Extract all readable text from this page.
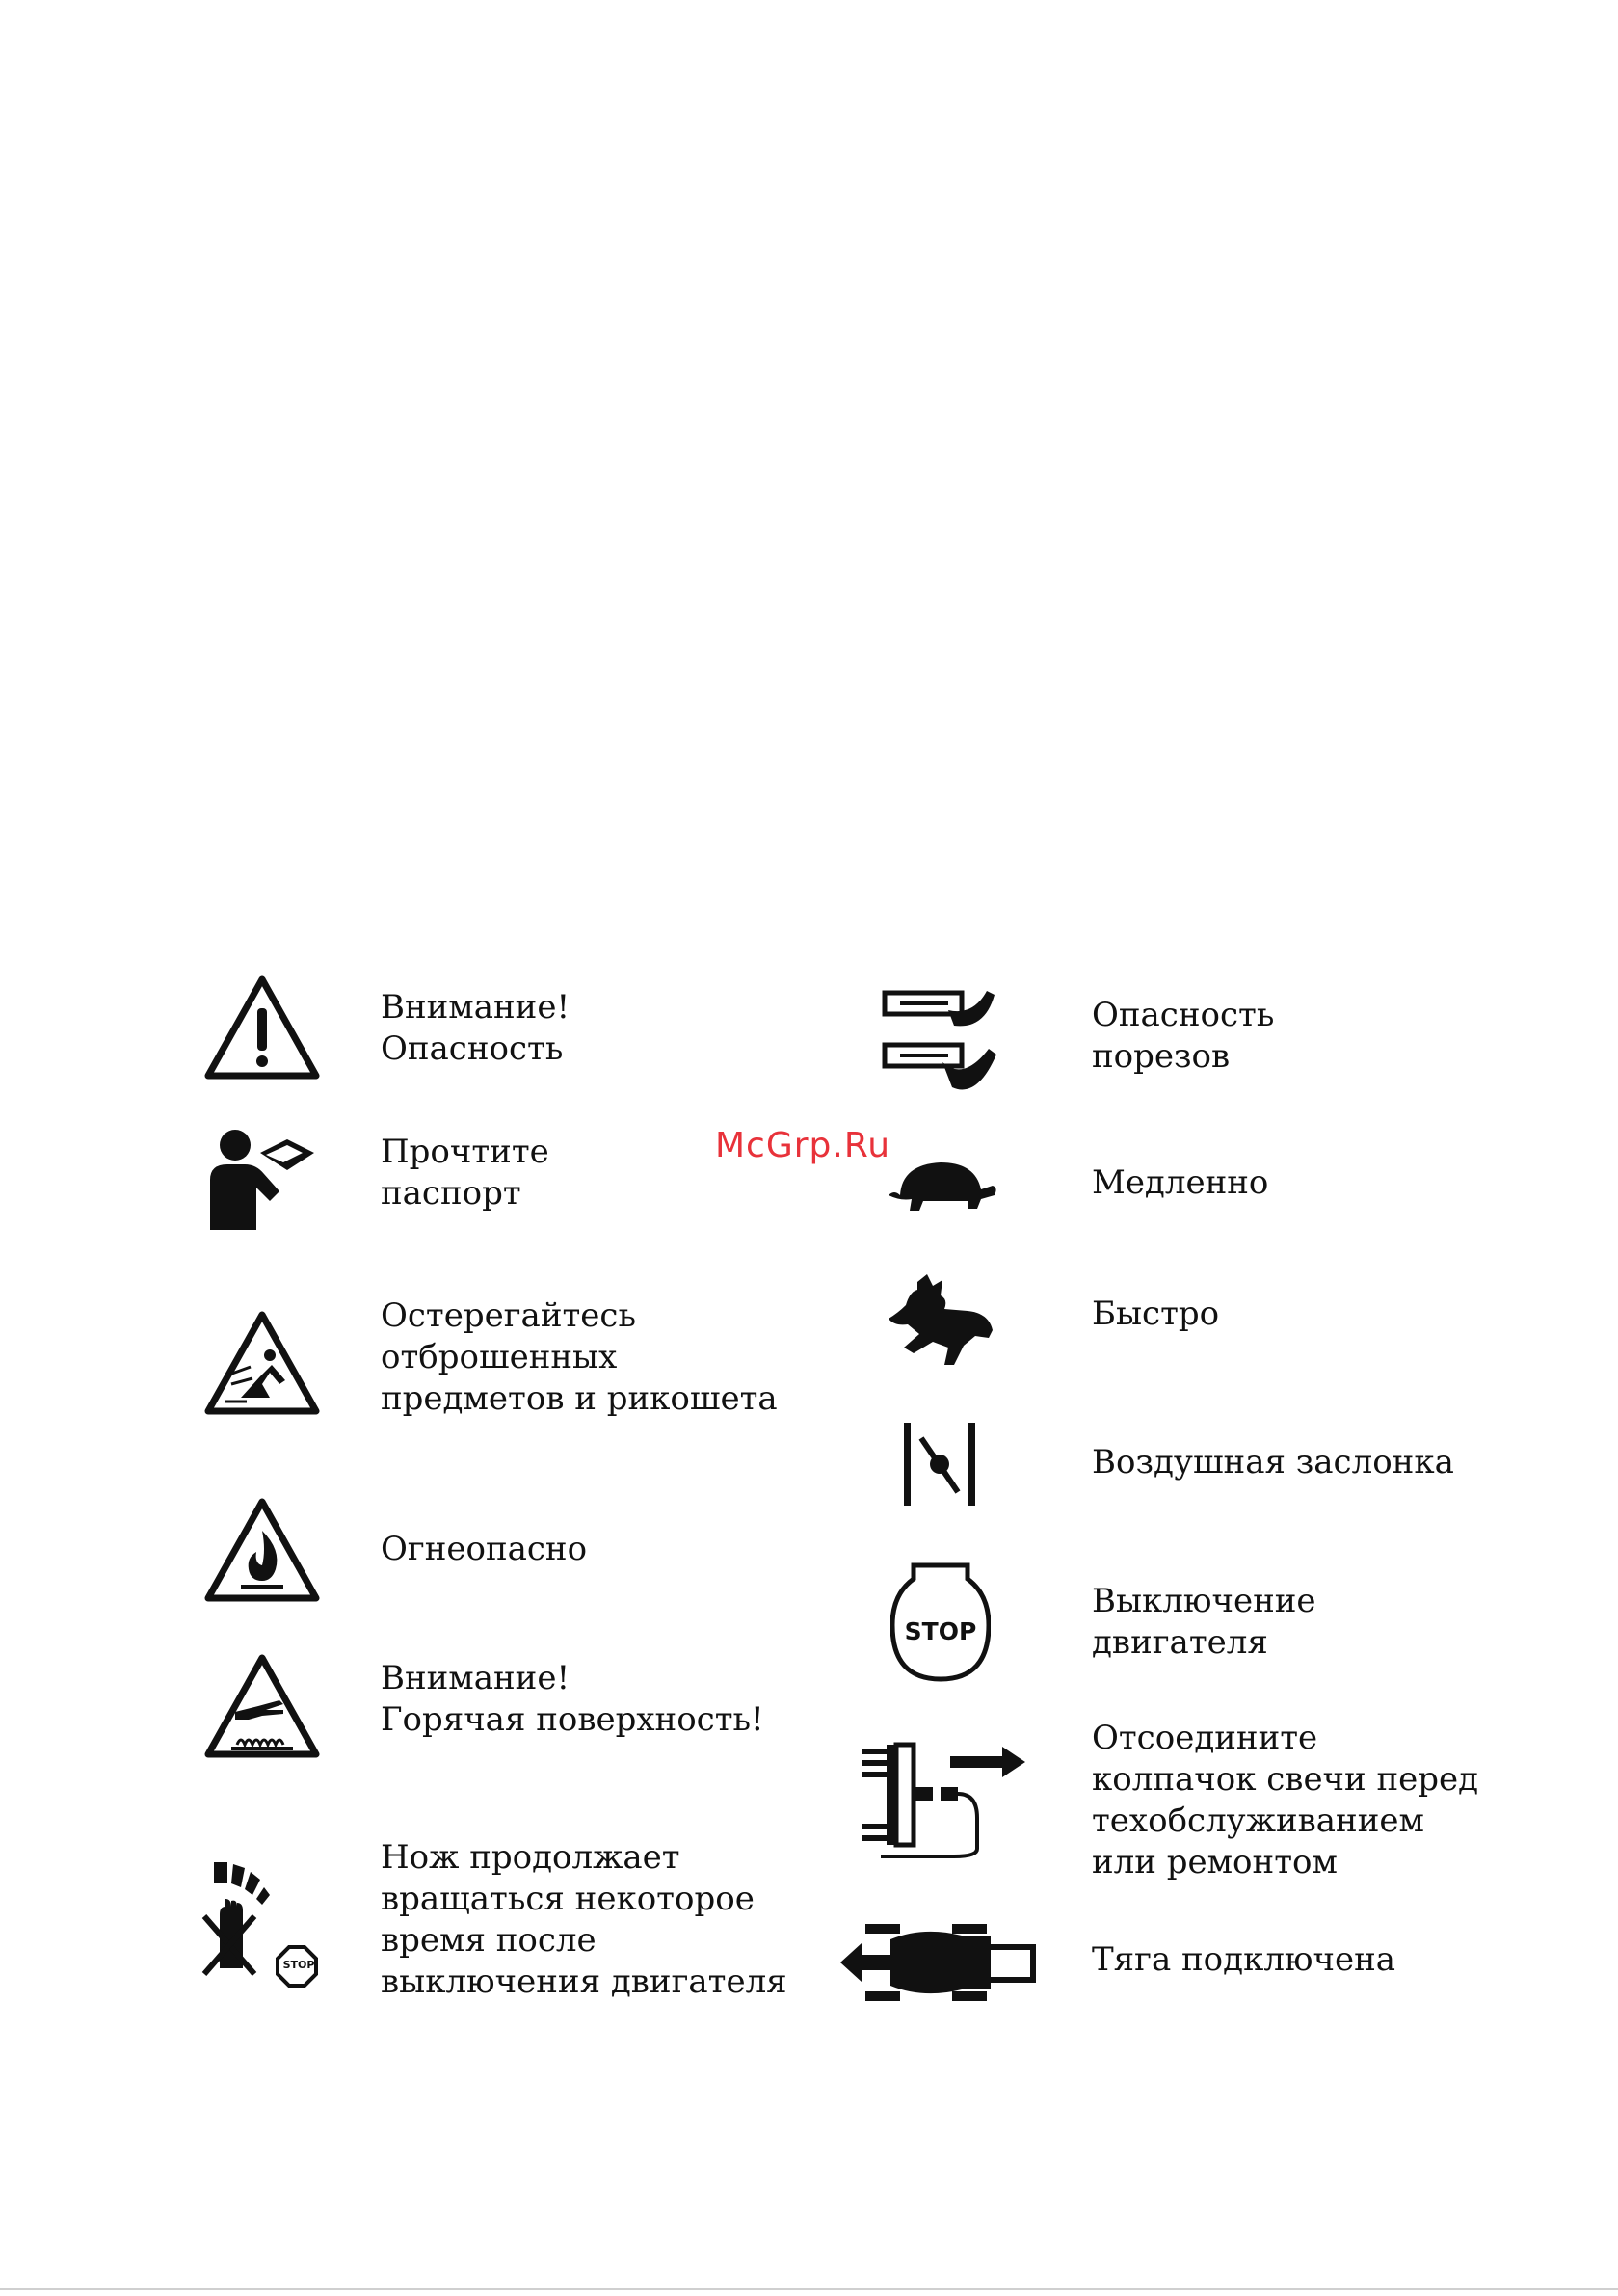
McGrp.Ru
Внимание!
Опасность
Прочтите
паспорт
Остерегайтесь
отброшенных
предметов и рикошета
Огнеопасно
Внимание!
Горячая поверхность!
STOP
Нож продолжает
вращаться некоторое
время после
выключения двигателя
Опасность
порезов
Медленно
Быстро
Воздушная заслонка
STOP
Выключение
двигателя
Отсоедините
колпачок свечи перед
техобслуживанием
или ремонтом
Тяга подключена
